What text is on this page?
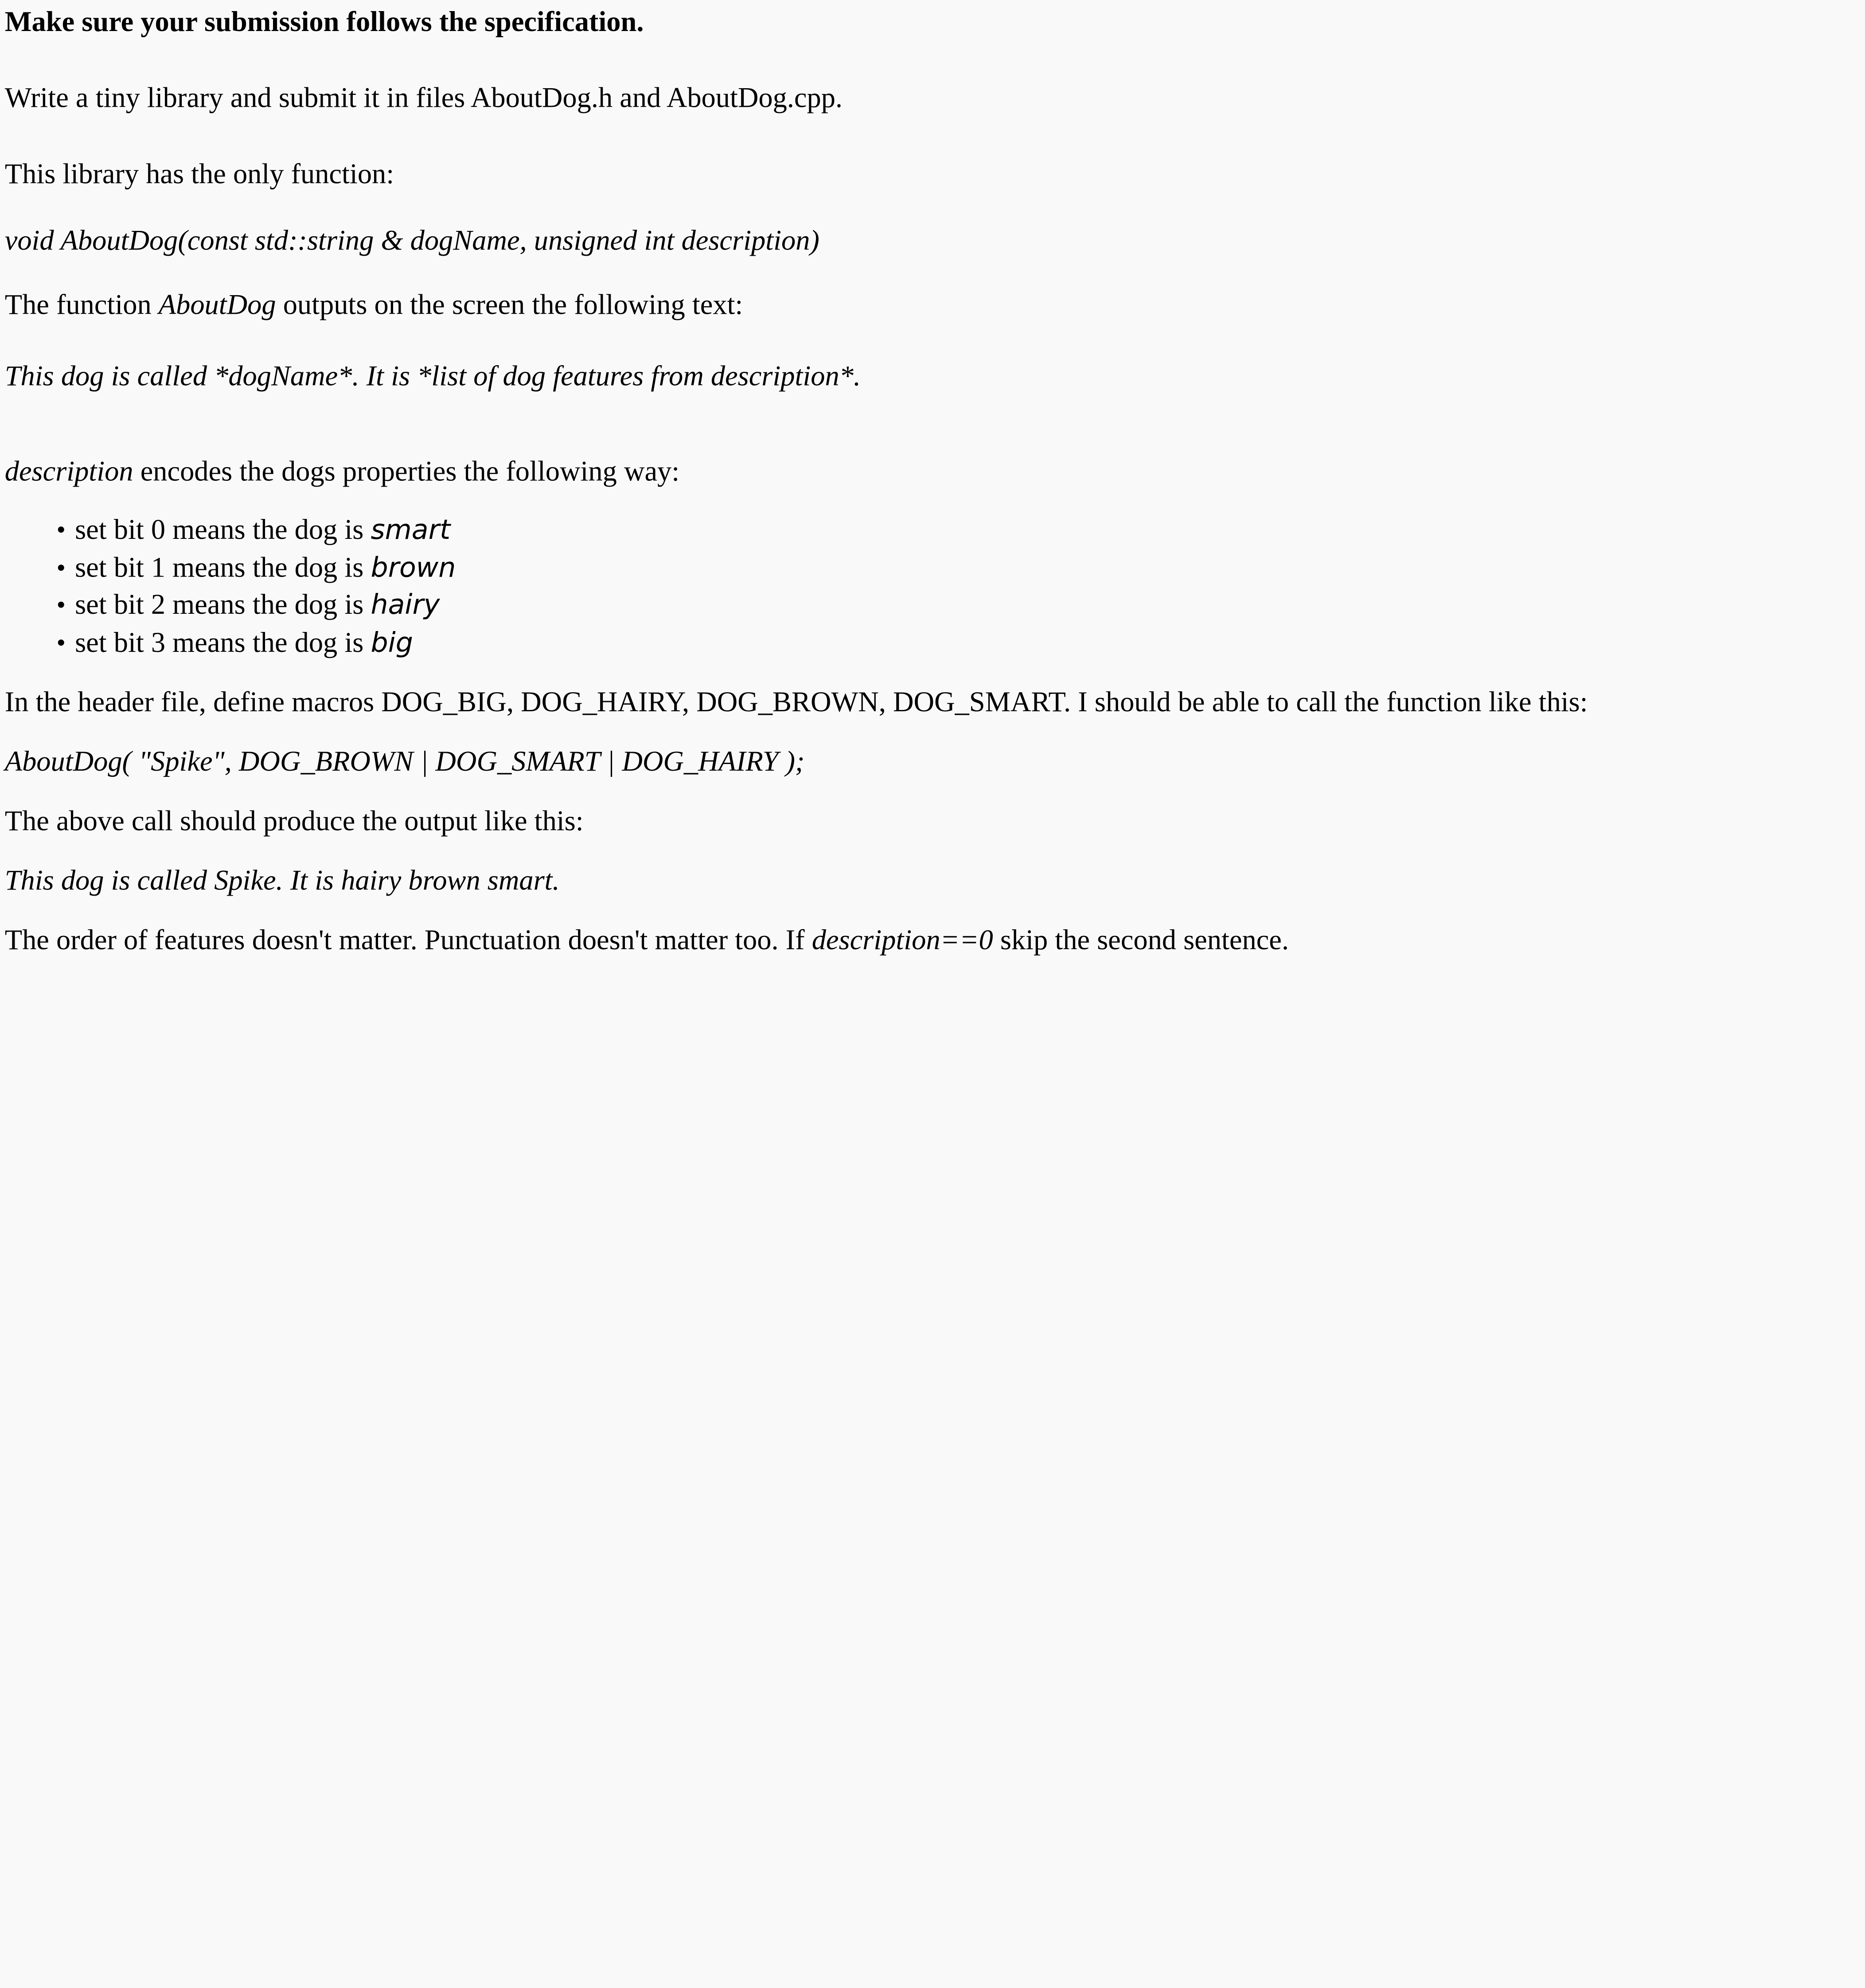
Make sure your submission follows the specification.
Write a tiny library and submit it in files AboutDog.h and AboutDog.cpp.
This library has the only function:
void AboutDog(const std::string & dogName, unsigned int description)
The function AboutDog outputs on the screen the following text:
This dog is called *dogName*. It is *list of dog features from description*.
description encodes the dogs properties the following way:
• set bit 0 means the dog is smart
• set bit 1 means the dog is brown
• set bit 2 means the dog is hairy
• set bit 3 means the dog is big
In the header file, define macros DOG_BIG, DOG_HAIRY, DOG_BROWN, DOG_SMART. I should be able to call the function like this:
AboutDog( "Spike", DOG_BROWN | DOG_SMART | DOG_HAIRY );
The above call should produce the output like this:
This dog is called Spike. It is hairy brown smart.
The order of features doesn't matter. Punctuation doesn't matter too. If description==0 skip the second sentence.
